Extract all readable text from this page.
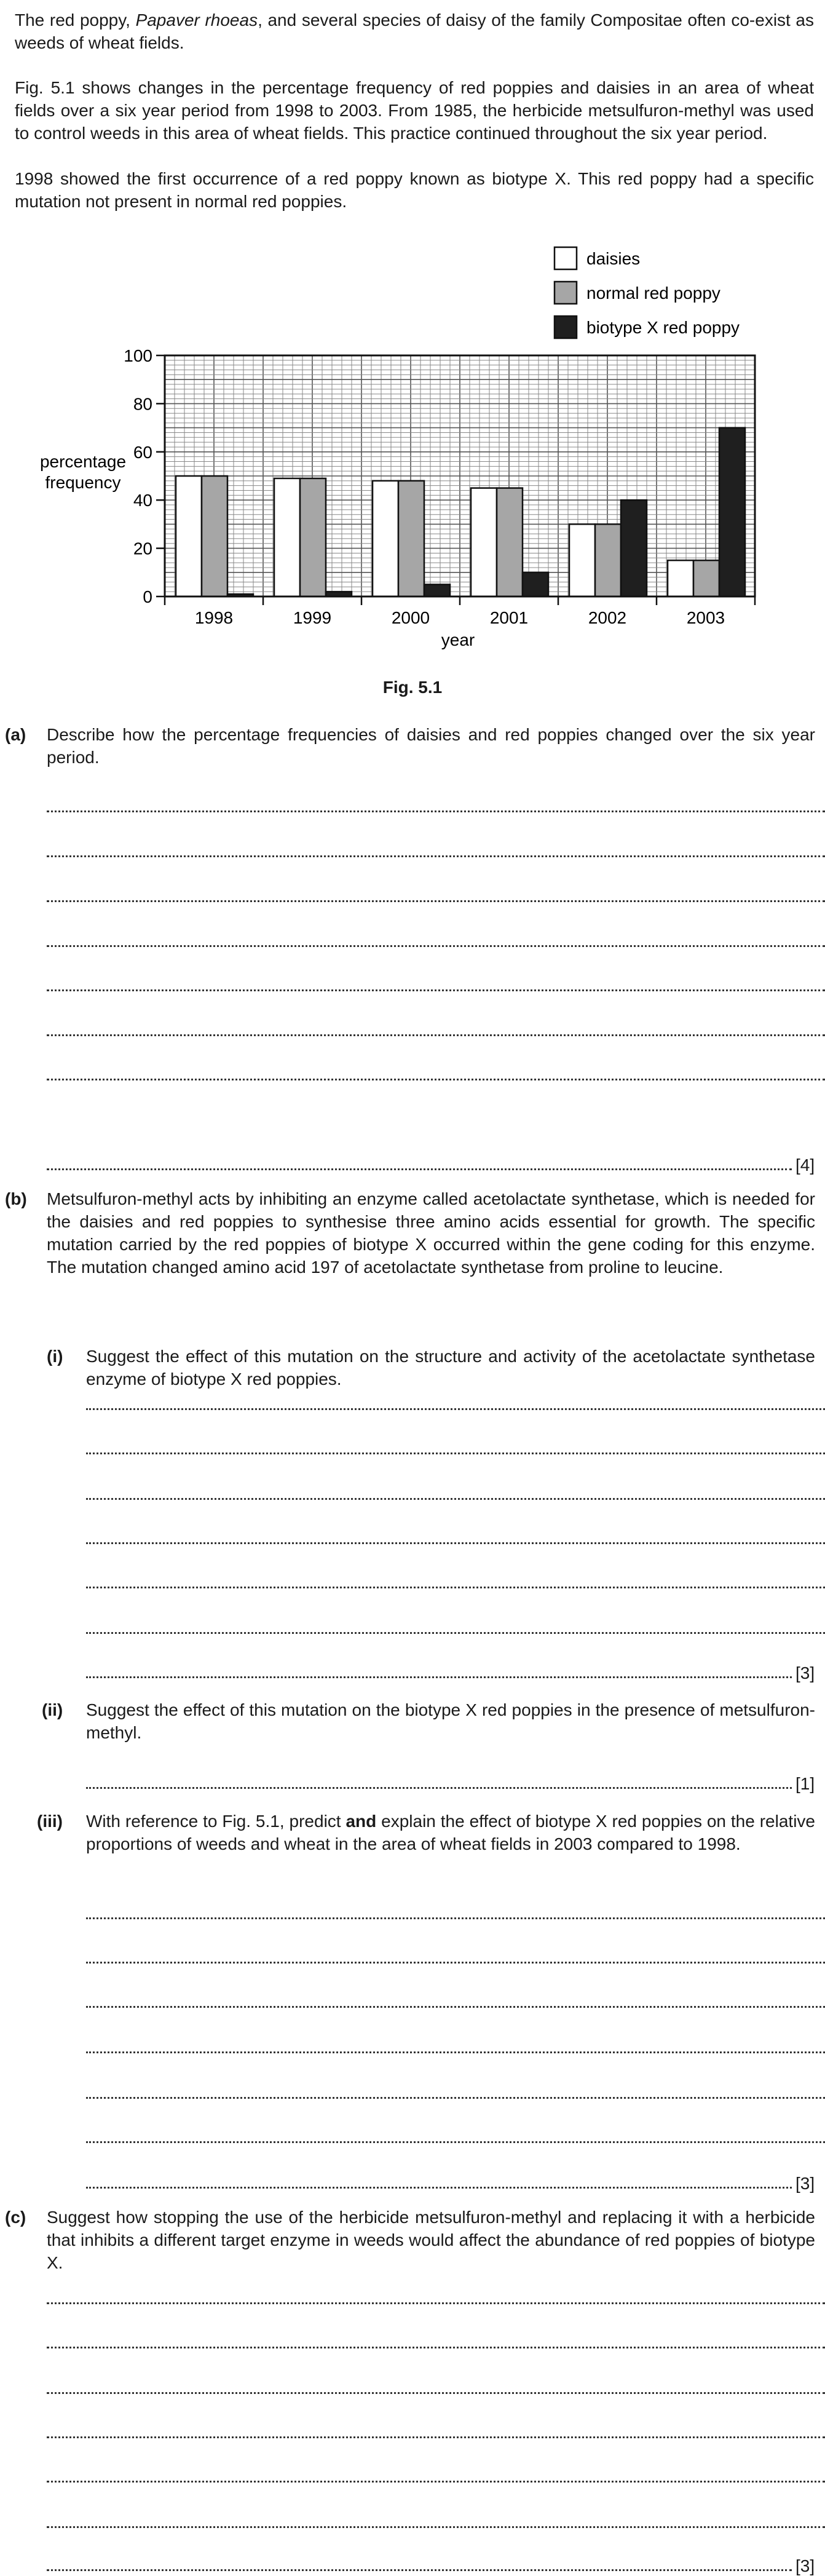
The red poppy, Papaver rhoeas, and several species of daisy of the family Compositae often co-exist as weeds of wheat fields.

Fig. 5.1 shows changes in the percentage frequency of red poppies and daisies in an area of wheat fields over a six year period from 1998 to 2003. From 1985, the herbicide metsulfuron-methyl was used to control weeds in this area of wheat fields. This practice continued throughout the six year period.

1998 showed the first occurrence of a red poppy known as biotype X. This red poppy had a specific mutation not present in normal red poppies.

1998	1999	2000	2001	2002	2003
0
20
40
60
80
100
daisies
normal red poppy
biotype X red poppy
percentage
frequency
year
Fig. 5.1
(a) Describe how the percentage frequencies of daisies and red poppies changed over the six year period.

[4]
(b) Metsulfuron-methyl acts by inhibiting an enzyme called acetolactate synthetase, which is needed for the daisies and red poppies to synthesise three amino acids essential for growth. The specific mutation carried by the red poppies of biotype X occurred within the gene coding for this enzyme. The mutation changed amino acid 197 of acetolactate synthetase from proline to leucine.

(i) Suggest the effect of this mutation on the structure and activity of the acetolactate synthetase enzyme of biotype X red poppies.

[3]
(ii) Suggest the effect of this mutation on the biotype X red poppies in the presence of metsulfuron-methyl.

[1]
(iii) With reference to Fig. 5.1, predict and explain the effect of biotype X red poppies on the relative proportions of weeds and wheat in the area of wheat fields in 2003 compared to 1998.

[3]
(c) Suggest how stopping the use of the herbicide metsulfuron-methyl and replacing it with a herbicide that inhibits a different target enzyme in weeds would affect the abundance of red poppies of biotype X.

[3]
